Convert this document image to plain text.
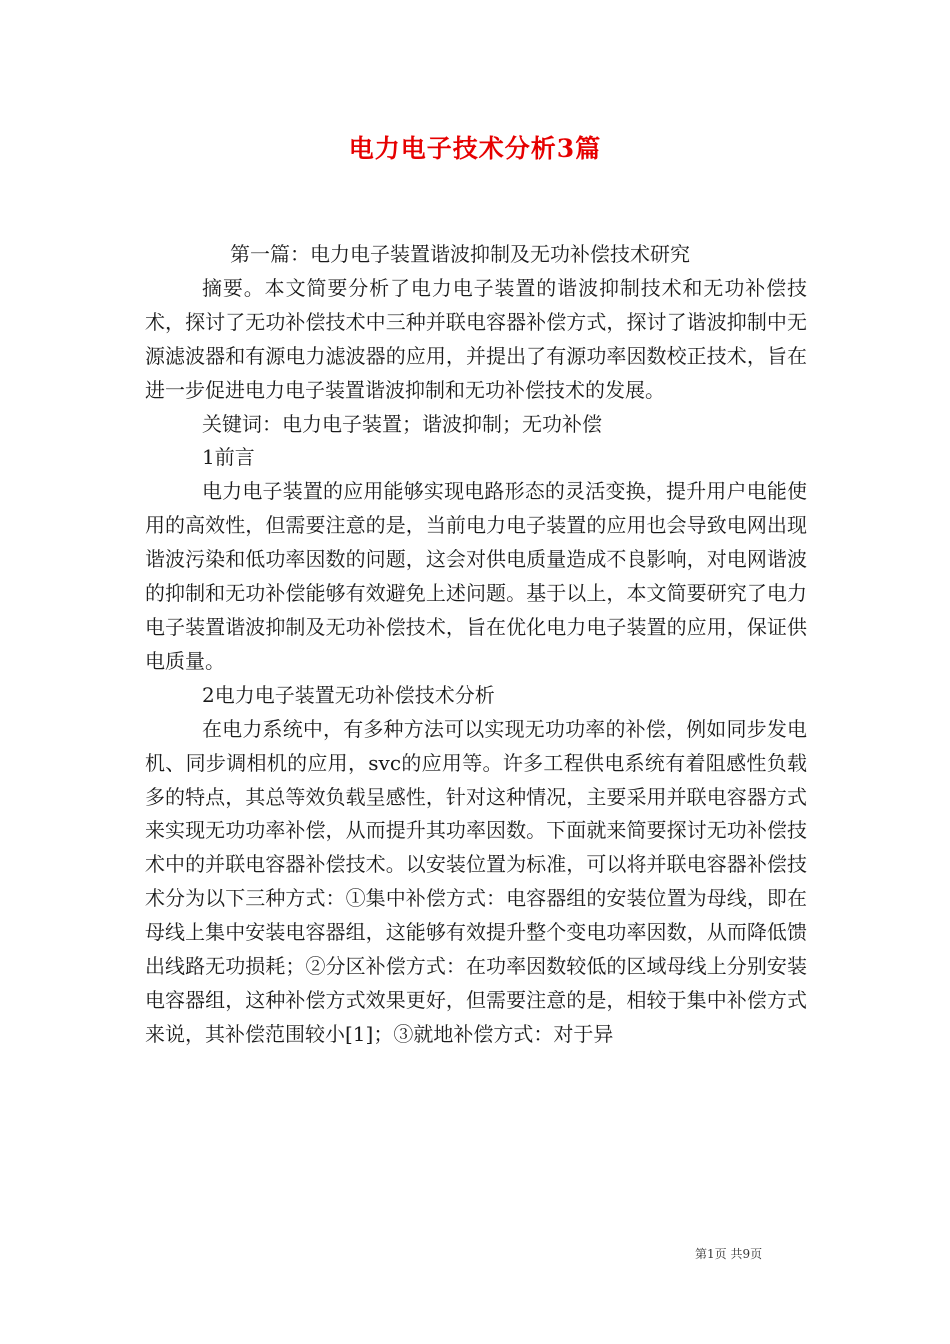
电力电子技术分析3篇

第一篇：电力电子装置谐波抑制及无功补偿技术研究

摘要。本文简要分析了电力电子装置的谐波抑制技术和无功补偿技术，探讨了无功补偿技术中三种并联电容器补偿方式，探讨了谐波抑制中无源滤波器和有源电力滤波器的应用，并提出了有源功率因数校正技术，旨在进一步促进电力电子装置谐波抑制和无功补偿技术的发展。

关键词：电力电子装置；谐波抑制；无功补偿

1前言

电力电子装置的应用能够实现电路形态的灵活变换，提升用户电能使用的高效性，但需要注意的是，当前电力电子装置的应用也会导致电网出现谐波污染和低功率因数的问题，这会对供电质量造成不良影响，对电网谐波的抑制和无功补偿能够有效避免上述问题。基于以上，本文简要研究了电力电子装置谐波抑制及无功补偿技术，旨在优化电力电子装置的应用，保证供电质量。

2电力电子装置无功补偿技术分析

在电力系统中，有多种方法可以实现无功功率的补偿，例如同步发电机、同步调相机的应用，svc的应用等。许多工程供电系统有着阻感性负载多的特点，其总等效负载呈感性，针对这种情况，主要采用并联电容器方式来实现无功功率补偿，从而提升其功率因数。下面就来简要探讨无功补偿技术中的并联电容器补偿技术。以安装位置为标准，可以将并联电容器补偿技术分为以下三种方式：①集中补偿方式：电容器组的安装位置为母线，即在母线上集中安装电容器组，这能够有效提升整个变电功率因数，从而降低馈出线路无功损耗；②分区补偿方式：在功率因数较低的区域母线上分别安装电容器组，这种补偿方式效果更好，但需要注意的是，相较于集中补偿方式来说，其补偿范围较小[1]；③就地补偿方式：对于异

第1页 共9页
